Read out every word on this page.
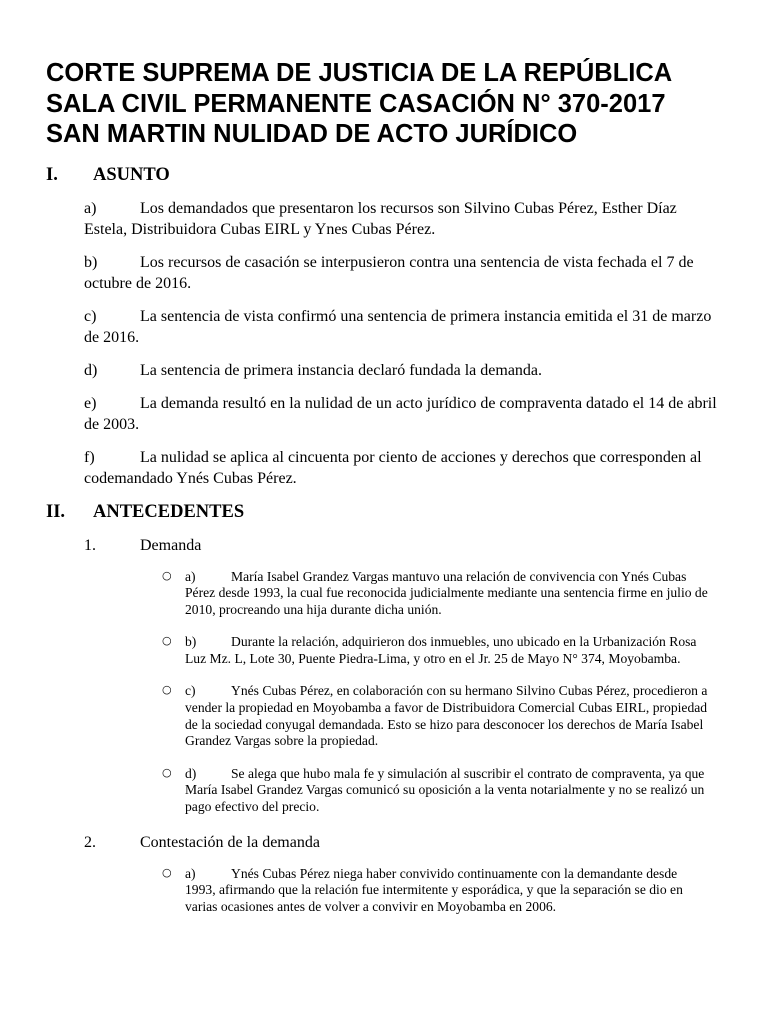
CORTE SUPREMA DE JUSTICIA DE LA REPÚBLICA SALA CIVIL PERMANENTE CASACIÓN N° 370-2017 SAN MARTIN NULIDAD DE ACTO JURÍDICO
I.	ASUNTO

a)	Los demandados que presentaron los recursos son Silvino Cubas Pérez, Esther Díaz Estela, Distribuidora Cubas EIRL y Ynes Cubas Pérez.

b)	Los recursos de casación se interpusieron contra una sentencia de vista fechada el 7 de octubre de 2016.

c)	La sentencia de vista confirmó una sentencia de primera instancia emitida el 31 de marzo de 2016.

d)	La sentencia de primera instancia declaró fundada la demanda.

e)	La demanda resultó en la nulidad de un acto jurídico de compraventa datado el 14 de abril de 2003.

f)	La nulidad se aplica al cincuenta por ciento de acciones y derechos que corresponden al codemandado Ynés Cubas Pérez.

II.	ANTECEDENTES
1.	Demanda
○ a)	María Isabel Grandez Vargas mantuvo una relación de convivencia con Ynés Cubas Pérez desde 1993, la cual fue reconocida judicialmente mediante una sentencia firme en julio de 2010, procreando una hija durante dicha unión.
○ b)	Durante la relación, adquirieron dos inmuebles, uno ubicado en la Urbanización Rosa Luz Mz. L, Lote 30, Puente Piedra-Lima, y otro en el Jr. 25 de Mayo N° 374, Moyobamba.
○ c)	Ynés Cubas Pérez, en colaboración con su hermano Silvino Cubas Pérez, procedieron a vender la propiedad en Moyobamba a favor de Distribuidora Comercial Cubas EIRL, propiedad de la sociedad conyugal demandada. Esto se hizo para desconocer los derechos de María Isabel Grandez Vargas sobre la propiedad.
○ d)	Se alega que hubo mala fe y simulación al suscribir el contrato de compraventa, ya que María Isabel Grandez Vargas comunicó su oposición a la venta notarialmente y no se realizó un pago efectivo del precio.
2.	Contestación de la demanda
○ a)	Ynés Cubas Pérez niega haber convivido continuamente con la demandante desde 1993, afirmando que la relación fue intermitente y esporádica, y que la separación se dio en varias ocasiones antes de volver a convivir en Moyobamba en 2006.
